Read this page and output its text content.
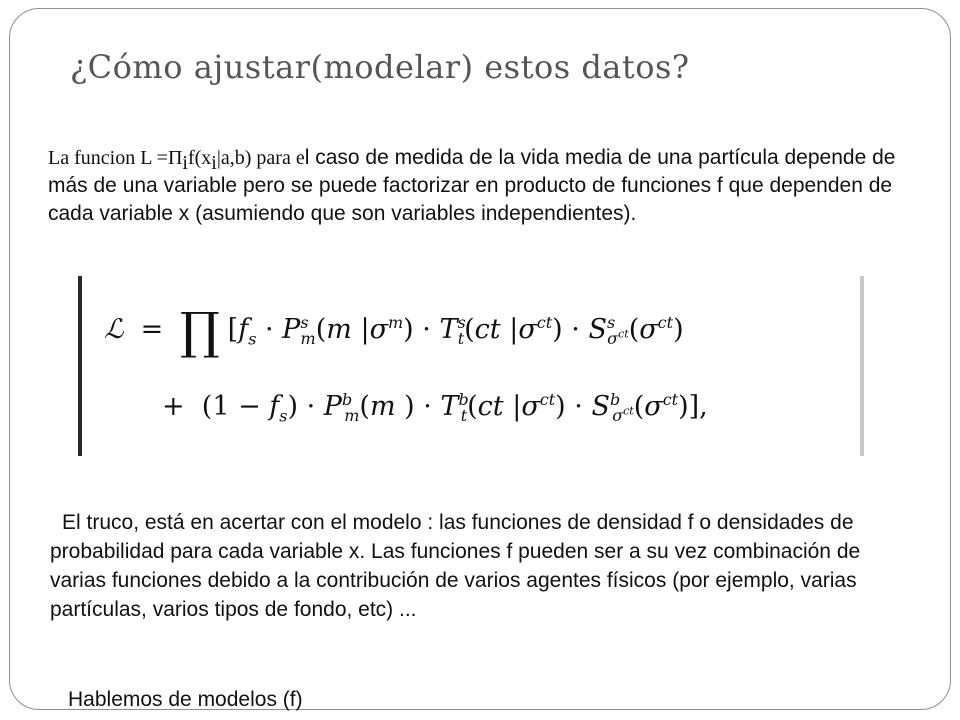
¿Cómo ajustar(modelar) estos datos?
La funcion $L =\Pi_if(x_i|a,b)$ para el caso de medida de la vida media de una partícula depende de más de una variable pero se puede factorizar en producto de funciones f que dependen de cada variable x (asumiendo que son variables independientes).
ℒ = ∏ [$f_s \cdot P^s_m(m$ $|\sigma^m) \cdot T^s_t(ct$ $|\sigma^{ct}) \cdot S^s_{\sigma^{ct}}(\sigma^{ct})$
+  $(1 - f_s) \cdot P^b_m(m$ ) · $T^b_t(ct$ $|\sigma^{ct}) \cdot S^b_{\sigma^{ct}}(\sigma^{ct})$],
El truco, está en acertar con el modelo : las funciones de densidad f o densidades de probabilidad para cada variable x. Las funciones f pueden ser a su vez combinación de varias funciones debido a la contribución de varios agentes físicos (por ejemplo, varias partículas, varios tipos de fondo, etc) ...
Hablemos de modelos (f)
